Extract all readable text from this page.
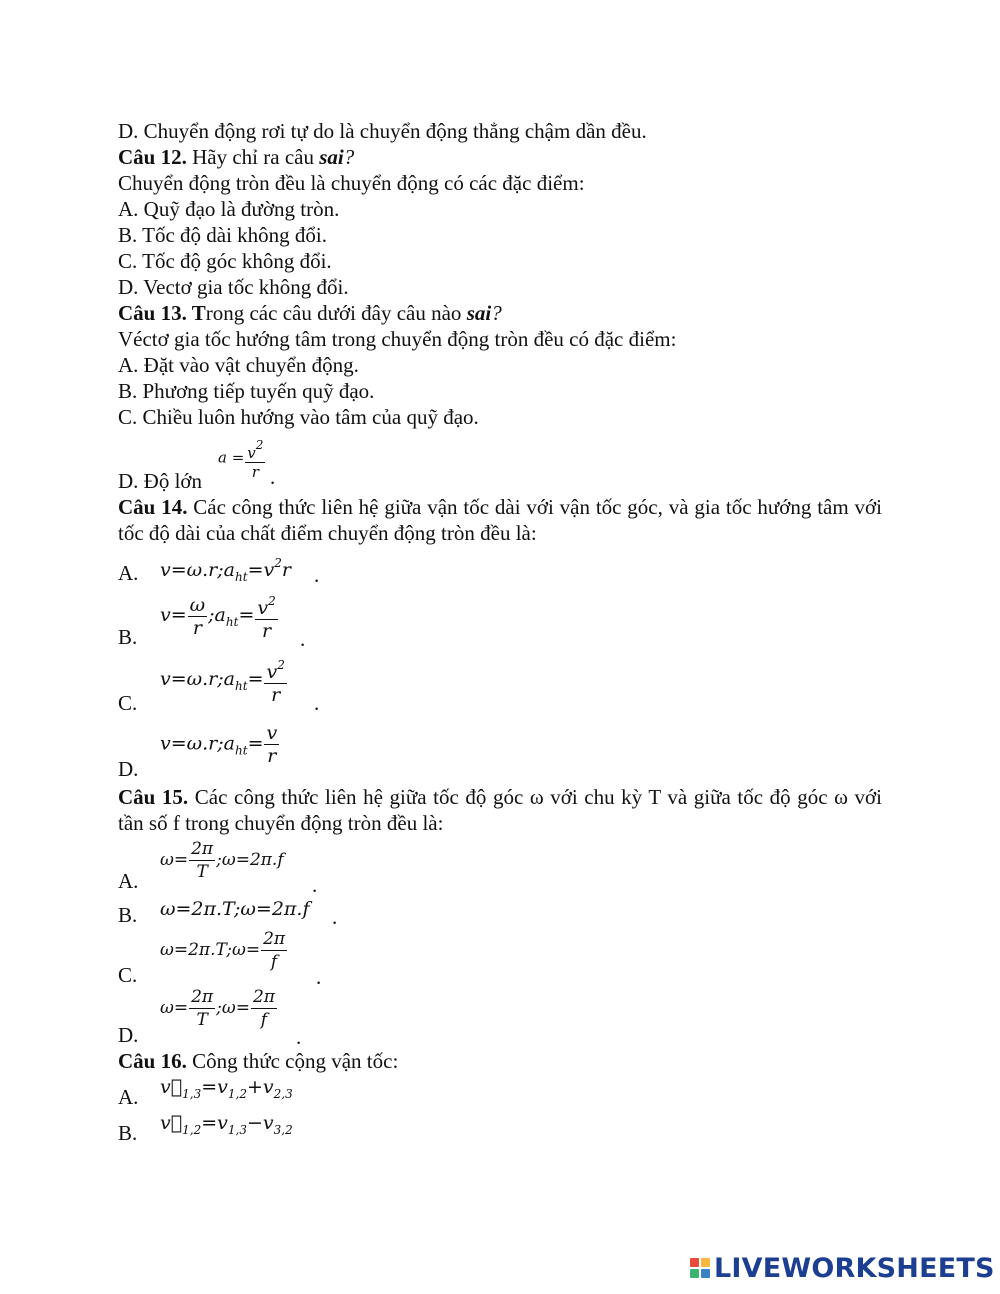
D. Chuyển động rơi tự do là chuyển động thẳng chậm dần đều.
Câu 12. Hãy chỉ ra câu sai?
Chuyển động tròn đều là chuyển động có các đặc điểm:
A. Quỹ đạo là đường tròn.
B. Tốc độ dài không đổi.
C. Tốc độ góc không đổi.
D. Vectơ gia tốc không đổi.
Câu 13. Trong các câu dưới đây câu nào sai?
Véctơ gia tốc hướng tâm trong chuyển động tròn đều có đặc điểm:
A. Đặt vào vật chuyển động.
B. Phương tiếp tuyến quỹ đạo.
C. Chiều luôn hướng vào tâm của quỹ đạo.
D. Độ lớn
$a = \frac{v^2}{r}$ .
Câu 14. Các công thức liên hệ giữa vận tốc dài với vận tốc góc, và gia tốc hướng tâm với tốc độ dài của chất điểm chuyển động tròn đều là:
A. $v=\omega.r;a_{ht}=v^2r$ .
B.
$v= \frac{\omega}{r}$ $;a_{ht}= \frac{v^2}{r}$ .
C.
$v=\omega.r;a_{ht}= \frac{v^2}{r}$ .
D.
$v=\omega.r;a_{ht}= \frac{v}{r}$
Câu 15. Các công thức liên hệ giữa tốc độ góc ω với chu kỳ T và giữa tốc độ góc ω với tần số f trong chuyển động tròn đều là:
A.
$\omega= \frac{2\pi}{T}$ ;ω=2π.f
.
B. ω=2π.T;ω=2π.f .
C.
ω=2π.T;ω= $\frac{2\pi}{f}$
.
D.
$\omega= \frac{2\pi}{T}$ ;ω= $\frac{2\pi}{f}$
.
Câu 16. Công thức cộng vận tốc:
A. $v⃗_{1,3}=v_{1,2}+v_{2,3}$
B. $v⃗_{1,2}=v_{1,3}-v_{3,2}$
LIVEWORKSHEETS
